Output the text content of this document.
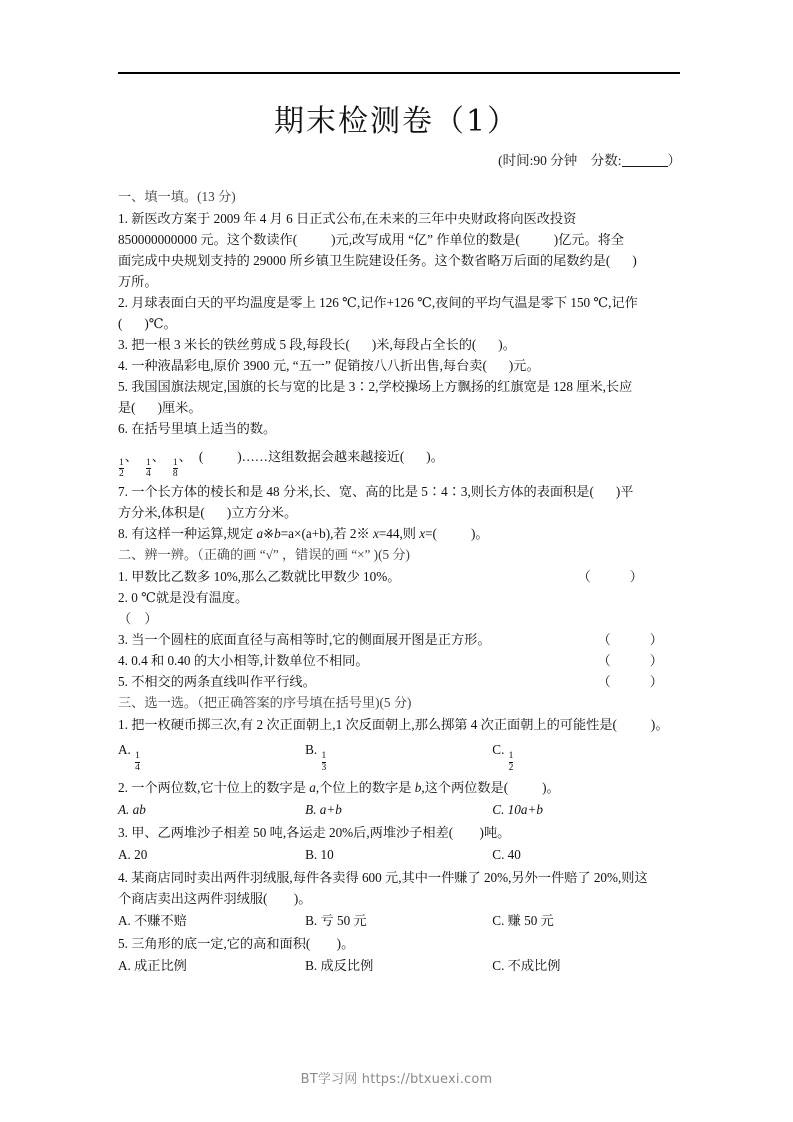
期末检测卷（1）
(时间:90 分钟　分数:	）
一、填一填。(13 分)

1. 新医改方案于 2009 年 4 月 6 日正式公布,在未来的三年中央财政将向医改投资
850000000000 元。这个数读作(	)元,改写成用 “亿” 作单位的数是(	)亿元。将全
面完成中央规划支持的 29000 所乡镇卫生院建设任务。这个数省略万后面的尾数约是( )
万所。

2. 月球表面白天的平均温度是零上 126 ℃,记作+126 ℃,夜间的平均气温是零下 150 ℃,记作
( )℃。

3. 把一根 3 米长的铁丝剪成 5 段,每段长( )米,每段占全长的( )。

4. 一种液晶彩电,原价 3900 元, “五一” 促销按八八折出售,每台卖( )元。

5. 我国国旗法规定,国旗的长与宽的比是 3∶2,学校操场上方飘扬的红旗宽是 128 厘米,长应
是( )厘米。

6. 在括号里填上适当的数。

$\frac{1}{2}$
、
$\frac{1}{4}$
、
$\frac{1}{8}$
、 (	)……这组数据会越来越接近( )。

7. 一个长方体的棱长和是 48 分米,长、宽、高的比是 5∶4∶3,则长方体的表面积是( )平
方分米,体积是( )立方分米。

8. 有这样一种运算,规定 a※b=a×(a+b),若 2※ x=44,则 x=(	)。

二、辨一辨。（正确的画 “√” ，错误的画 “×” )(5 分)
1. 甲数比乙数多 10%,那么乙数就比甲数少 10%。	（　）
2. 0 ℃就是没有温度。
（　）
3. 当一个圆柱的底面直径与高相等时,它的侧面展开图是正方形。	（　）
4. 0.4 和 0.40 的大小相等,计数单位不相同。	（　）
5. 不相交的两条直线叫作平行线。	（　）
三、选一选。（把正确答案的序号填在括号里)(5 分)

1. 把一枚硬币掷三次,有 2 次正面朝上,1 次反面朝上,那么掷第 4 次正面朝上的可能性是(	)。

A.
$\frac{1}{4}$
B.
$\frac{1}{3}$
C.
$\frac{1}{2}$

2. 一个两位数,它十位上的数字是 a,个位上的数字是 b,这个两位数是(	)。

A. ab	B. a+b	C. 10a+b

3. 甲、乙两堆沙子相差 50 吨,各运走 20%后,两堆沙子相差(　　)吨。

A. 20	B. 10	C. 40

4. 某商店同时卖出两件羽绒服,每件各卖得 600 元,其中一件赚了 20%,另外一件赔了 20%,则这
个商店卖出这两件羽绒服(　　)。

A. 不赚不赔	B. 亏 50 元	C. 赚 50 元

5. 三角形的底一定,它的高和面积(　　)。

A. 成正比例	B. 成反比例	C. 不成比例
BT学习网 https://btxuexi.com
